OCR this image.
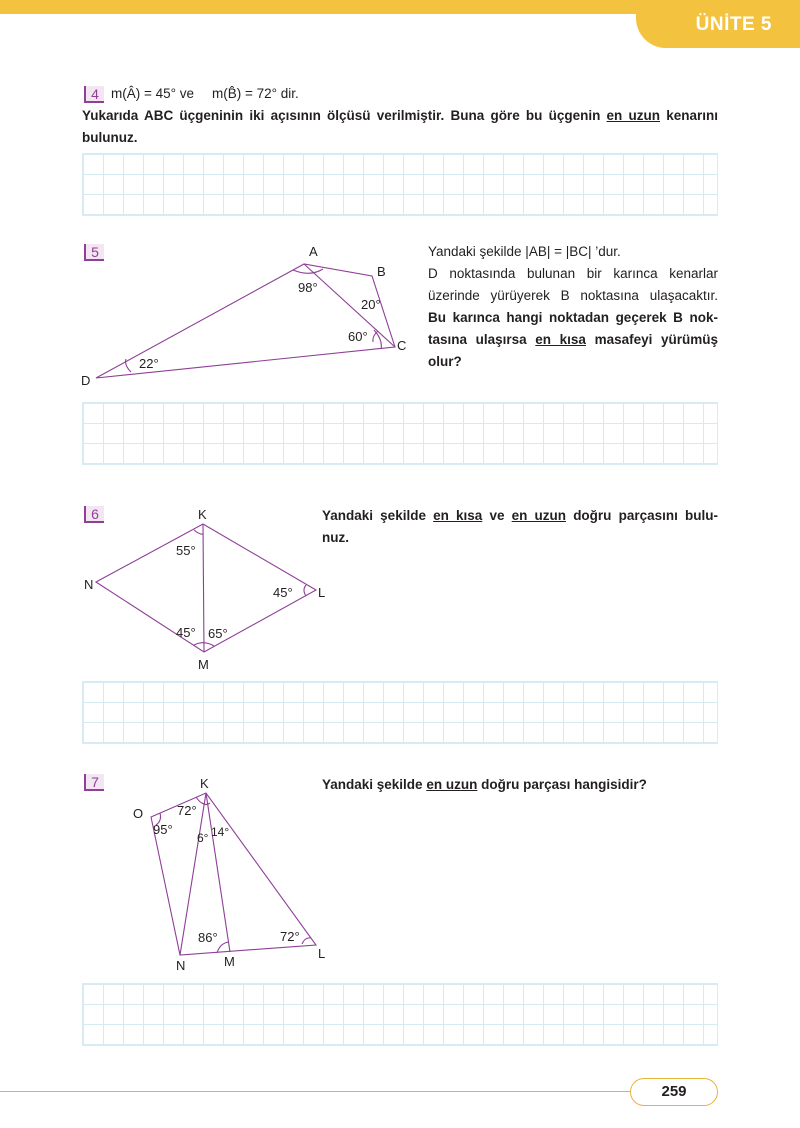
ÜNİTE 5
4 m(Â) = 45° ve m(B̂) = 72° dir.
Yukarıda ABC üçgeninin iki açısının ölçüsü verilmiştir. Buna göre bu üçgenin en uzun kenarını
bulunuz.
5	A
B
C
D
98°
20°
60°
22°
Yandaki şekilde |AB| = |BC| ’dur.
D noktasında bulunan bir karınca kenarlar
üzerinde yürüyerek B noktasına ulaşacaktır.
Bu karınca hangi noktadan geçerek B nok-
tasına ulaşırsa en kısa masafeyi yürümüş
olur?
6	K
L
M
N
55°
45°
45° 65°
Yandaki şekilde en kısa ve en uzun doğru parçasını bulu-
nuz.
7	K
O
N	M
L
72°
95°
6° 14°
86°	72°
Yandaki şekilde en uzun doğru parçası hangisidir?
259
